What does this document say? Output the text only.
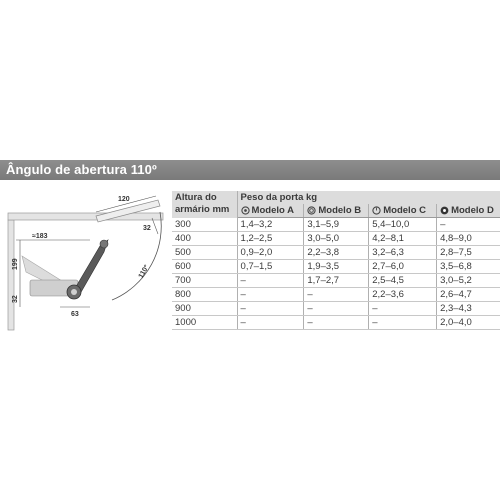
Ângulo de abertura 110º
120
32
≈183
199
32
63
110°
Altura do armário mm	Peso da porta kg			
	Modelo A	Modelo B	Modelo C	Modelo D
300	1,4–3,2	3,1–5,9	5,4–10,0	–
400	1,2–2,5	3,0–5,0	4,2–8,1	4,8–9,0
500	0,9–2,0	2,2–3,8	3,2–6,3	2,8–7,5
600	0,7–1,5	1,9–3,5	2,7–6,0	3,5–6,8
700	–	1,7–2,7	2,5–4,5	3,0–5,2
800	–	–	2,2–3,6	2,6–4,7
900	–	–	–	2,3–4,3
1000	–	–	–	2,0–4,0
